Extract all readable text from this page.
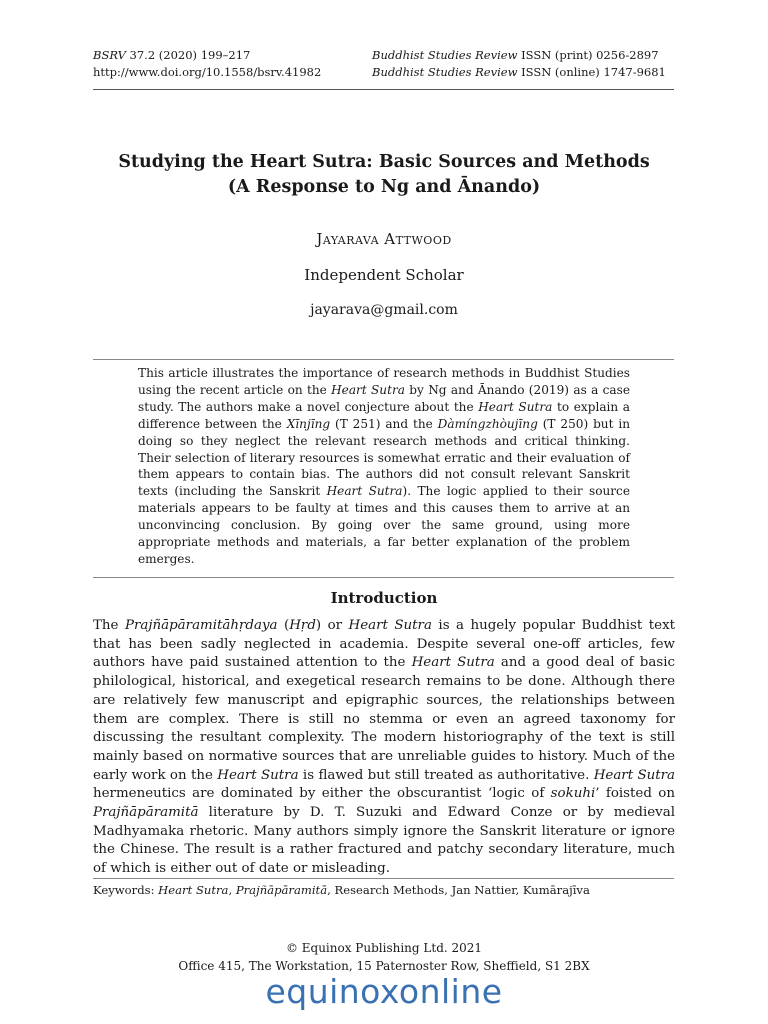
BSRV 37.2 (2020) 199–217
http://www.doi.org/10.1558/bsrv.41982
Buddhist Studies Review ISSN (print) 0256-2897
Buddhist Studies Review ISSN (online) 1747-9681
Studying the Heart Sutra: Basic Sources and Methods
(A Response to Ng and Ānando)
Jayarava Attwood
Independent Scholar
jayarava@gmail.com
This article illustrates the importance of research methods in Buddhist Studies using the recent article on the Heart Sutra by Ng and Ānando (2019) as a case study. The authors make a novel conjecture about the Heart Sutra to explain a difference between the Xīnjīng (T 251) and the Dàmíngzhòujīng (T 250) but in doing so they neglect the relevant research methods and critical thinking. Their selection of literary resources is somewhat erratic and their evaluation of them appears to contain bias. The authors did not consult relevant Sanskrit texts (including the Sanskrit Heart Sutra). The logic applied to their source materials appears to be faulty at times and this causes them to arrive at an unconvincing conclusion. By going over the same ground, using more appropriate methods and materials, a far better explanation of the problem emerges.
Introduction
The Prajñāpāramitāhṛdaya (Hṛd) or Heart Sutra is a hugely popular Buddhist text that has been sadly neglected in academia. Despite several one-off articles, few authors have paid sustained attention to the Heart Sutra and a good deal of basic philological, historical, and exegetical research remains to be done. Although there are relatively few manuscript and epigraphic sources, the relationships between them are complex. There is still no stemma or even an agreed taxonomy for discussing the resultant complexity. The modern historiography of the text is still mainly based on normative sources that are unreliable guides to history. Much of the early work on the Heart Sutra is flawed but still treated as authoritative. Heart Sutra hermeneutics are dominated by either the obscurantist ‘logic of sokuhi’ foisted on Prajñāpāramitā literature by D. T. Suzuki and Edward Conze or by medieval Madhyamaka rhetoric. Many authors simply ignore the Sanskrit literature or ignore the Chinese. The result is a rather fractured and patchy secondary literature, much of which is either out of date or misleading.
Keywords: Heart Sutra, Prajñāpāramitā, Research Methods, Jan Nattier, Kumārajīva
© Equinox Publishing Ltd. 2021
Office 415, The Workstation, 15 Paternoster Row, Sheffield, S1 2BX
equinoxonline
